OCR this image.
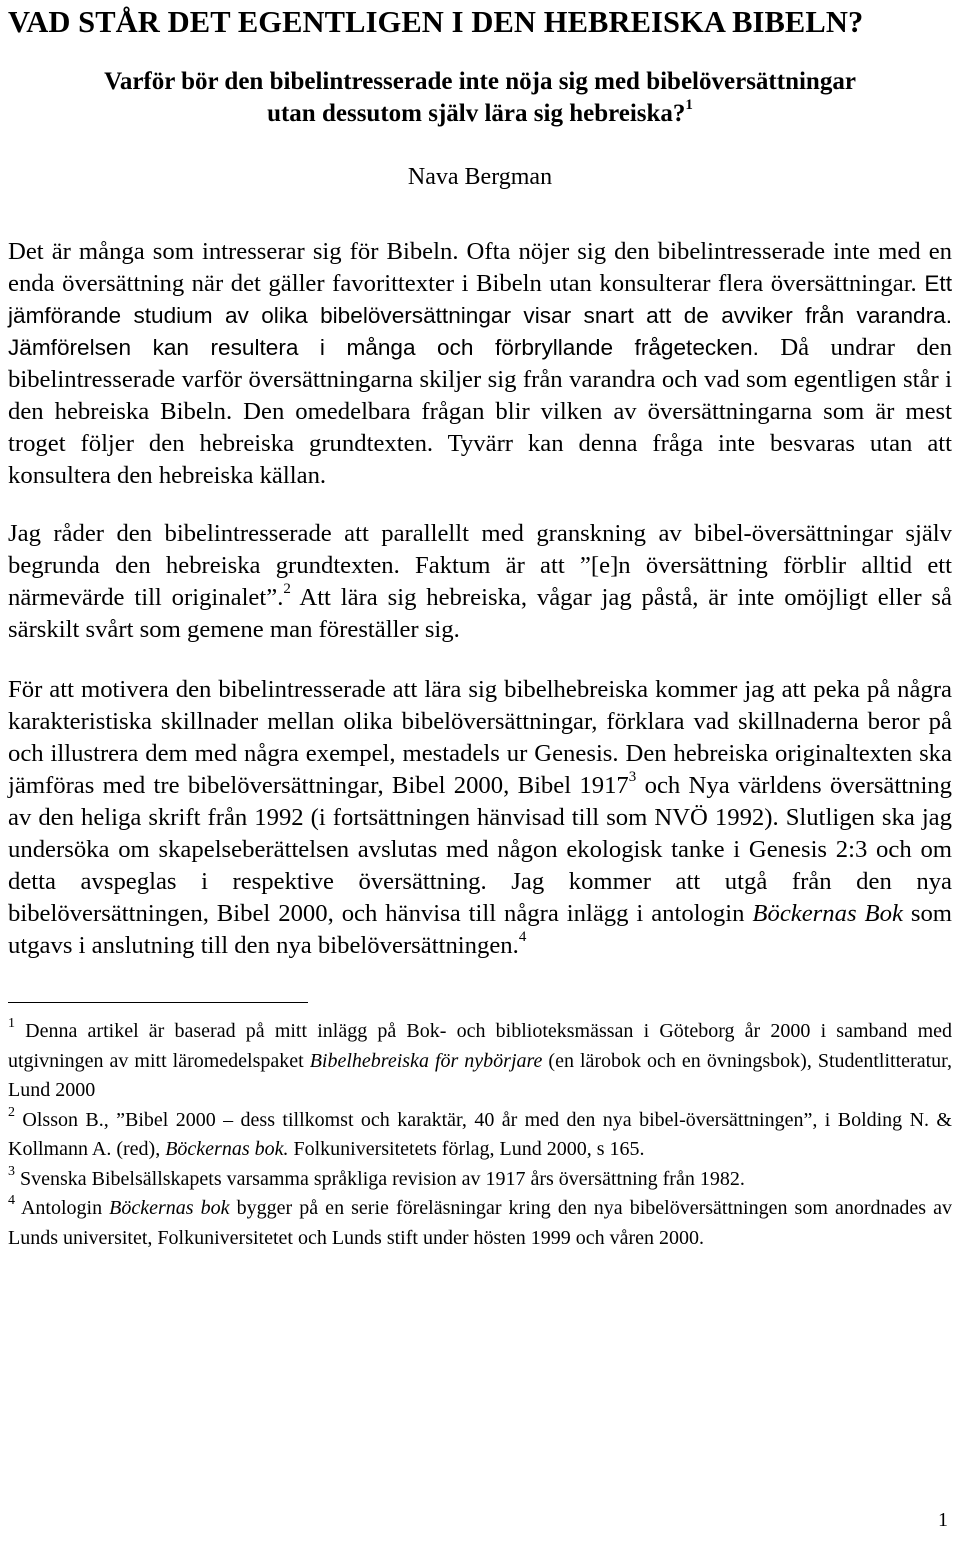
VAD STÅR DET EGENTLIGEN I DEN HEBREISKA BIBELN?

Varför bör den bibelintresserade inte nöja sig med bibelöversättningar
utan dessutom själv lära sig hebreiska?$^1$

Nava Bergman

Det är många som intresserar sig för Bibeln. Ofta nöjer sig den bibelintresserade inte med en enda översättning när det gäller favorittexter i Bibeln utan konsulterar flera översättningar. Ett jämförande studium av olika bibelöversättningar visar snart att de avviker från varandra. Jämförelsen kan resultera i många och förbryllande frågetecken. Då undrar den bibelintresserade varför översättningarna skiljer sig från varandra och vad som egentligen står i den hebreiska Bibeln. Den omedelbara frågan blir vilken av översättningarna som är mest troget följer den hebreiska grundtexten. Tyvärr kan denna fråga inte besvaras utan att konsultera den hebreiska källan.

Jag råder den bibelintresserade att parallellt med granskning av bibel-översättningar själv begrunda den hebreiska grundtexten. Faktum är att ”[e]n översättning förblir alltid ett närmevärde till originalet”.$^2$ Att lära sig hebreiska, vågar jag påstå, är inte omöjligt eller så särskilt svårt som gemene man föreställer sig.

För att motivera den bibelintresserade att lära sig bibelhebreiska kommer jag att peka på några karakteristiska skillnader mellan olika bibelöversättningar, förklara vad skillnaderna beror på och illustrera dem med några exempel, mestadels ur Genesis. Den hebreiska originaltexten ska jämföras med tre bibelöversättningar, Bibel 2000, Bibel 1917$^3$ och Nya världens översättning av den heliga skrift från 1992 (i fortsättningen hänvisad till som NVÖ 1992). Slutligen ska jag undersöka om skapelseberättelsen avslutas med någon ekologisk tanke i Genesis 2:3 och om detta avspeglas i respektive översättning. Jag kommer att utgå från den nya bibelöversättningen, Bibel 2000, och hänvisa till några inlägg i antologin Böckernas Bok som utgavs i anslutning till den nya bibelöversättningen.$^4$

$^1$ Denna artikel är baserad på mitt inlägg på Bok- och biblioteksmässan i Göteborg år 2000 i samband med utgivningen av mitt läromedelspaket Bibelhebreiska för nybörjare (en lärobok och en övningsbok), Studentlitteratur, Lund 2000

$^2$ Olsson B., ”Bibel 2000 – dess tillkomst och karaktär, 40 år med den nya bibel-översättningen”, i Bolding N. & Kollmann A. (red), Böckernas bok. Folkuniversitetets förlag, Lund 2000, s 165.

$^3$ Svenska Bibelsällskapets varsamma språkliga revision av 1917 års översättning från 1982.

$^4$ Antologin Böckernas bok bygger på en serie föreläsningar kring den nya bibelöversättningen som anordnades av Lunds universitet, Folkuniversitetet och Lunds stift under hösten 1999 och våren 2000.

1
